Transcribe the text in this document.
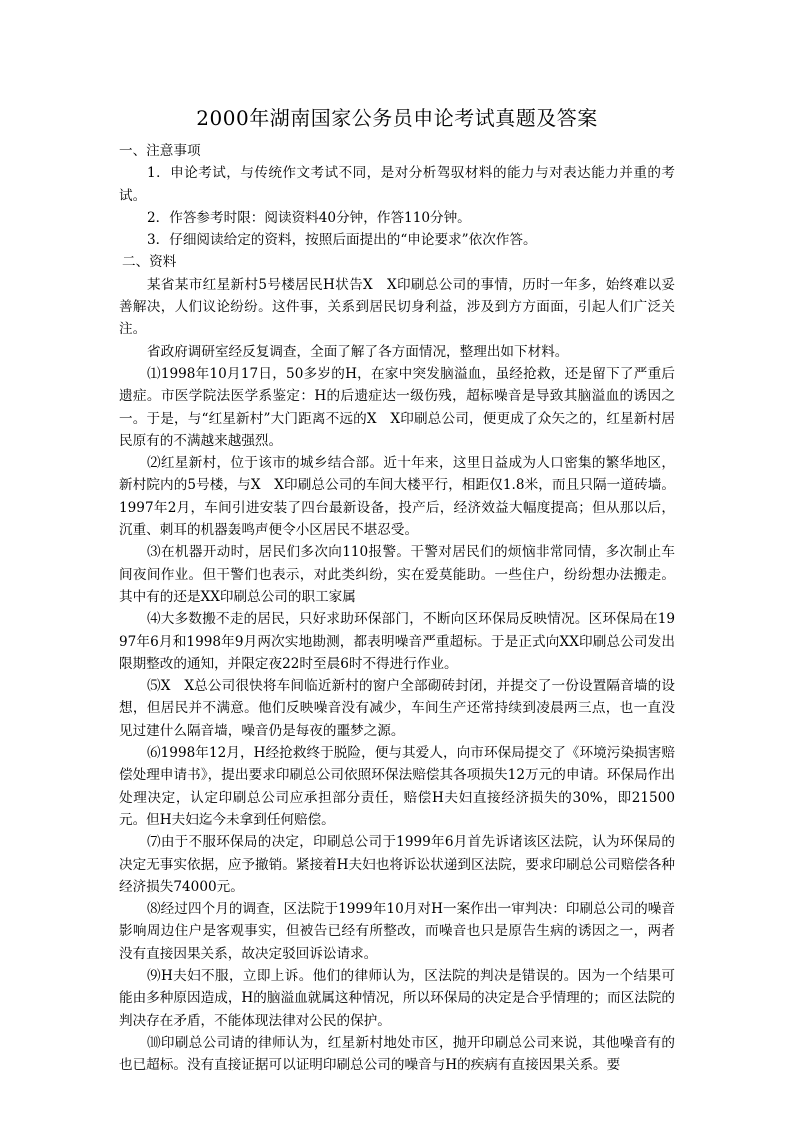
2000年湖南国家公务员申论考试真题及答案

一、注意事项

1．申论考试，与传统作文考试不同，是对分析驾驭材料的能力与对表达能力并重的考试。

2．作答参考时限：阅读资料40分钟，作答110分钟。

3．仔细阅读给定的资料，按照后面提出的“申论要求”依次作答。

二、资料

某省某市红星新村5号楼居民H状告X　X印刷总公司的事情，历时一年多，始终难以妥善解决，人们议论纷纷。这件事，关系到居民切身利益，涉及到方方面面，引起人们广泛关注。

省政府调研室经反复调查，全面了解了各方面情况，整理出如下材料。

⑴1998年10月17日，50多岁的H，在家中突发脑溢血，虽经抢救，还是留下了严重后遗症。市医学院法医学系鉴定：H的后遗症达一级伤残，超标噪音是导致其脑溢血的诱因之一。于是，与“红星新村”大门距离不远的X　X印刷总公司，便更成了众矢之的，红星新村居民原有的不满越来越强烈。

⑵红星新村，位于该市的城乡结合部。近十年来，这里日益成为人口密集的繁华地区，新村院内的5号楼，与X　X印刷总公司的车间大楼平行，相距仅1.8米，而且只隔一道砖墙。1997年2月，车间引进安装了四台最新设备，投产后，经济效益大幅度提高；但从那以后，沉重、刺耳的机器轰鸣声便令小区居民不堪忍受。

⑶在机器开动时，居民们多次向110报警。干警对居民们的烦恼非常同情，多次制止车间夜间作业。但干警们也表示，对此类纠纷，实在爱莫能助。一些住户，纷纷想办法搬走。其中有的还是XX印刷总公司的职工家属

⑷大多数搬不走的居民，只好求助环保部门，不断向区环保局反映情况。区环保局在1997年6月和1998年9月两次实地勘测，都表明噪音严重超标。于是正式向XX印刷总公司发出限期整改的通知，并限定夜22时至晨6时不得进行作业。

⑸X　X总公司很快将车间临近新村的窗户全部砌砖封闭，并提交了一份设置隔音墙的设想，但居民并不满意。他们反映噪音没有减少，车间生产还常持续到凌晨两三点，也一直没见过建什么隔音墙，噪音仍是每夜的噩梦之源。

⑹1998年12月，H经抢救终于脱险，便与其爱人，向市环保局提交了《环境污染损害赔偿处理申请书》，提出要求印刷总公司依照环保法赔偿其各项损失12万元的申请。环保局作出处理决定，认定印刷总公司应承担部分责任，赔偿H夫妇直接经济损失的30%，即21500元。但H夫妇迄今未拿到任何赔偿。

⑺由于不服环保局的决定，印刷总公司于1999年6月首先诉诸该区法院，认为环保局的决定无事实依据，应予撤销。紧接着H夫妇也将诉讼状递到区法院，要求印刷总公司赔偿各种经济损失74000元。

⑻经过四个月的调查，区法院于1999年10月对H一案作出一审判决：印刷总公司的噪音影响周边住户是客观事实，但被告已经有所整改，而噪音也只是原告生病的诱因之一，两者没有直接因果关系，故决定驳回诉讼请求。

⑼H夫妇不服，立即上诉。他们的律师认为，区法院的判决是错误的。因为一个结果可能由多种原因造成，H的脑溢血就属这种情况，所以环保局的决定是合乎情理的；而区法院的判决存在矛盾，不能体现法律对公民的保护。

⑽印刷总公司请的律师认为，红星新村地处市区，抛开印刷总公司来说，其他噪音有的也已超标。没有直接证据可以证明印刷总公司的噪音与H的疾病有直接因果关系。要
